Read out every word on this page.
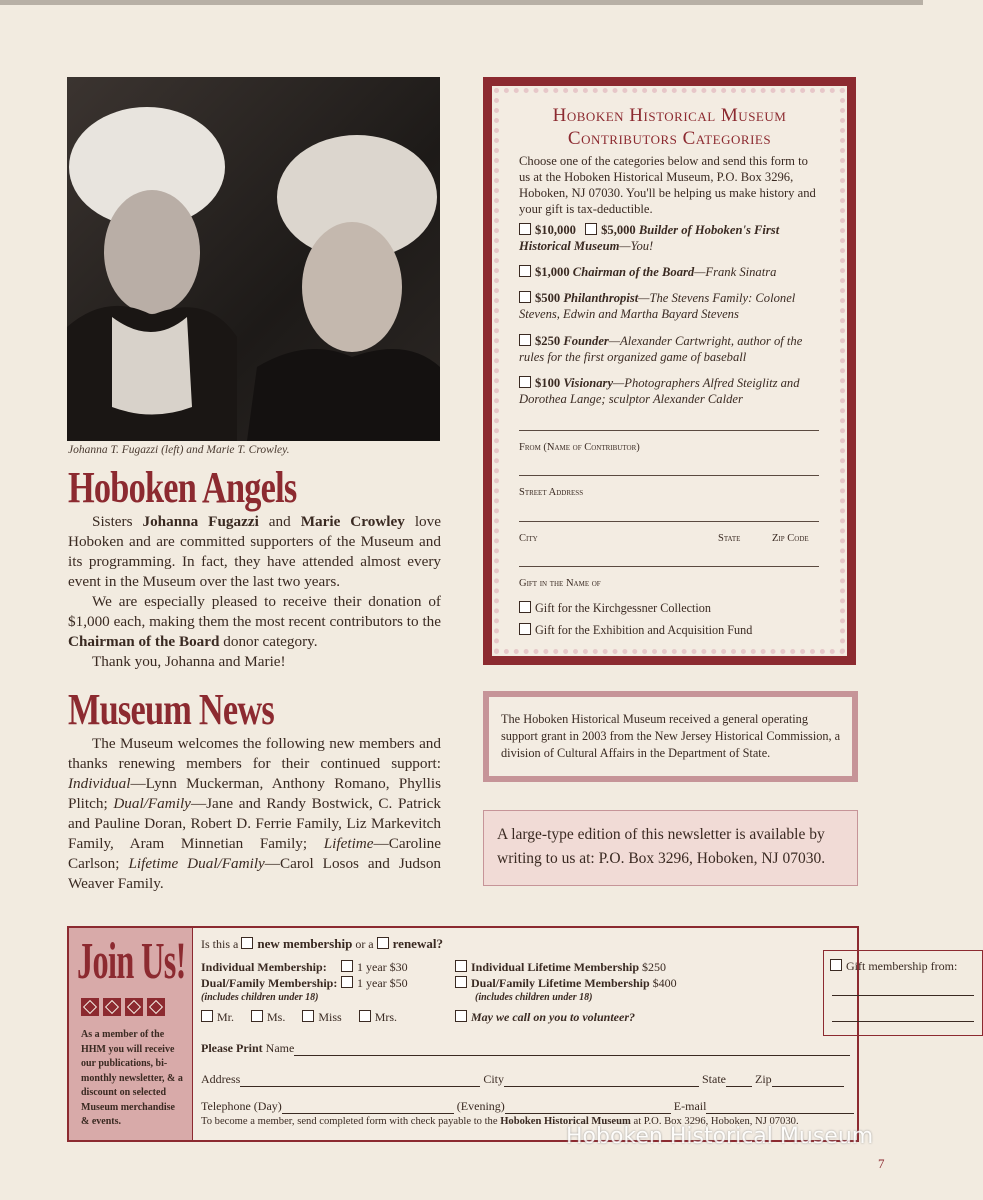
Johanna T. Fugazzi (left) and Marie T. Crowley.
Hoboken Angels

Sisters Johanna Fugazzi and Marie Crowley love Hoboken and are committed supporters of the Museum and its programming. In fact, they have attended almost every event in the Museum over the last two years.

We are especially pleased to receive their donation of $1,000 each, making them the most recent contributors to the Chairman of the Board donor category.

Thank you, Johanna and Marie!

Museum News

The Museum welcomes the following new members and thanks renewing members for their continued support: Individual—Lynn Muckerman, Anthony Romano, Phyllis Plitch; Dual/Family—Jane and Randy Bostwick, C. Patrick and Pauline Doran, Robert D. Ferrie Family, Liz Markevitch Family, Aram Minnetian Family; Lifetime—Caroline Carlson; Lifetime Dual/Family—Carol Losos and Judson Weaver Family.

Hoboken Historical Museum
Contributors Categories
Choose one of the categories below and send this form to us at the Hoboken Historical Museum, P.O. Box 3296, Hoboken, NJ 07030. You'll be helping us make history and your gift is tax-deductible.
$10,000 $5,000 Builder of Hoboken's First Historical Museum—You!
$1,000 Chairman of the Board—Frank Sinatra
$500 Philanthropist—The Stevens Family: Colonel Stevens, Edwin and Martha Bayard Stevens
$250 Founder—Alexander Cartwright, author of the rules for the first organized game of baseball
$100 Visionary—Photographers Alfred Steiglitz and Dorothea Lange; sculptor Alexander Calder
From (Name of Contributor)
Street Address
City	State	Zip Code
Gift in the Name of
Gift for the Kirchgessner Collection
Gift for the Exhibition and Acquisition Fund
The Hoboken Historical Museum received a general operating support grant in 2003 from the New Jersey Historical Commission, a division of Cultural Affairs in the Department of State.
A large-type edition of this newsletter is available by writing to us at: P.O. Box 3296, Hoboken, NJ 07030.
Join Us!
As a member of the HHM you will receive our publications, bi-monthly newsletter, & a discount on selected Museum merchandise & events.
Is this a new membership or a renewal?
Individual Membership:	1 year $30
Dual/Family Membership:	1 year $50
(includes children under 18)
Individual Lifetime Membership $250
Dual/Family Lifetime Membership $400
(includes children under 18)
Gift membership from:
Mr.	Ms.	Miss	Mrs.	May we call on you to volunteer?
Please Print Name
Address	City	State Zip
Telephone (Day)	(Evening)	E-mail
To become a member, send completed form with check payable to the Hoboken Historical Museum at P.O. Box 3296, Hoboken, NJ 07030.
Hoboken Historical Museum
7
